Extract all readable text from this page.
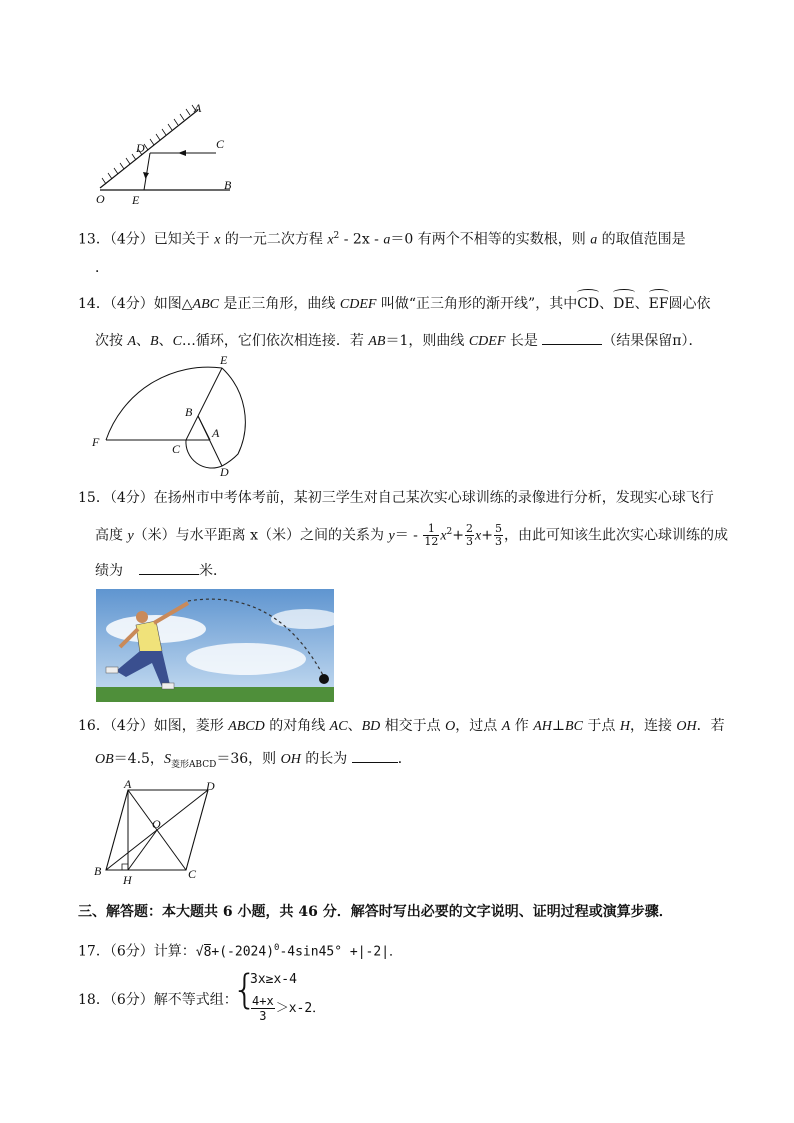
A
C
D
O E
B
13．（4分）已知关于 x 的一元二次方程 $x^2 - 2x - a=0$ 有两个不相等的实数根，则 a 的取值范围是
．
14．（4分）如图△ABC 是正三角形，曲线 CDEF 叫做“正三角形的渐开线”，其中CD、DE、EF圆心依
次按 A、B、C…循环，它们依次相连接．若 AB＝1，则曲线 CDEF 长是	（结果保留π）．
E
B
A
F	C
D
15．（4分）在扬州市中考体考前，某初三学生对自己某次实心球训练的录像进行分析，发现实心球飞行
高度 y（米）与水平距离 x（米）之间的关系为 $y= - \frac{1}{12} x^2+ \frac{2}{3} x+ \frac{5}{3}$ ，由此可知该生此次实心球训练的成
绩为	米．
16．（4分）如图，菱形 ABCD 的对角线 AC、BD 相交于点 O，过点 A 作 AH⊥BC 于点 H，连接 OH．若
OB＝4.5，$S_{菱形ABCD}=36$，则 OH 的长为	．
A	D
O
B
H	C
三、解答题：本大题共 6 小题，共 46 分．解答时写出必要的文字说明、证明过程或演算步骤．
17．（6分）计算：$√8+(-2024)^0-4\sin 45^\circ +|-2|$．
18．（6分）解不等式组：
{
3x≥x-4
$\frac{4+x}{3} >x-2$．
